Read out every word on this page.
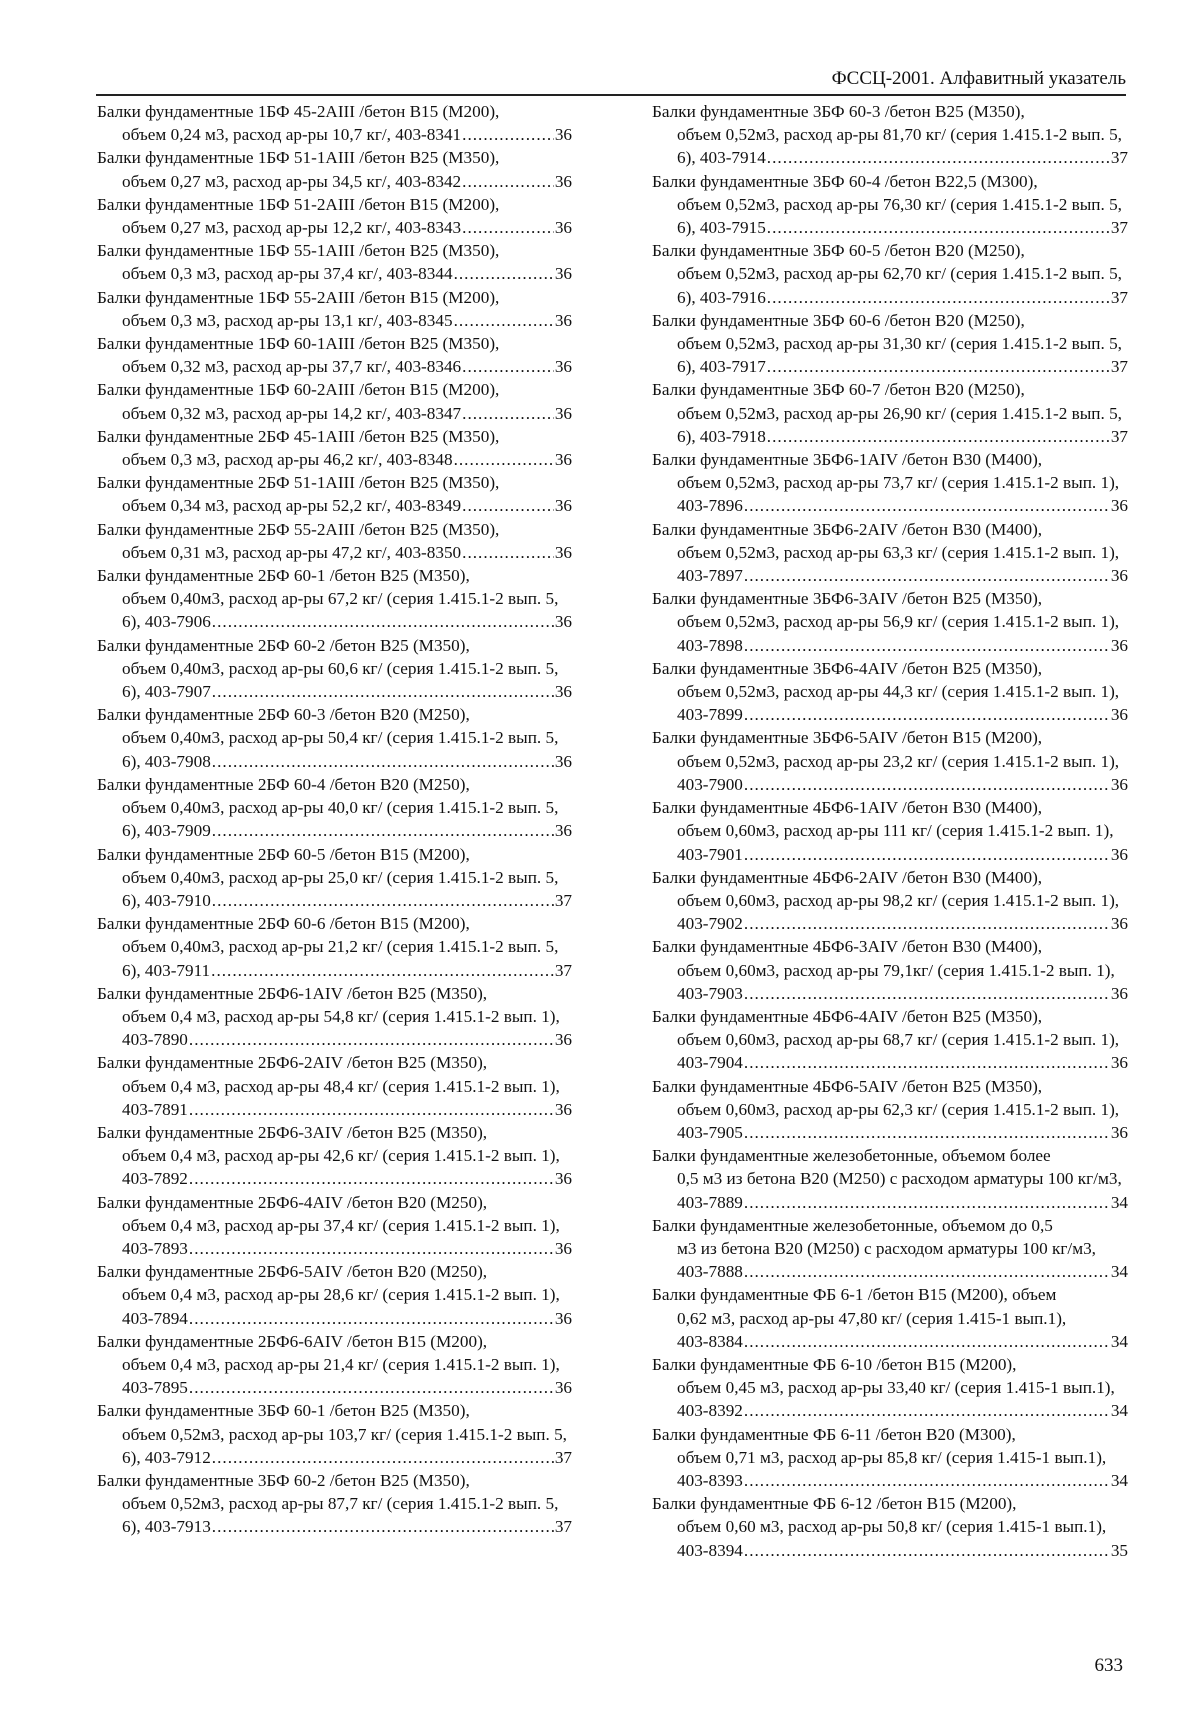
ФССЦ-2001. Алфавитный указатель
Балки фундаментные 1БФ 45-2АIII /бетон В15 (М200),
объем 0,24 м3, расход ар-ры 10,7 кг/, 403-8341 .....	36
Балки фундаментные 1БФ 51-1АIII /бетон В25 (М350),
объем 0,27 м3, расход ар-ры 34,5 кг/, 403-8342 .....	36
Балки фундаментные 1БФ 51-2АIII /бетон В15 (М200),
объем 0,27 м3, расход ар-ры 12,2 кг/, 403-8343 .....	36
Балки фундаментные 1БФ 55-1АIII /бетон В25 (М350),
объем 0,3 м3, расход ар-ры 37,4 кг/, 403-8344 .....	36
Балки фундаментные 1БФ 55-2АIII /бетон В15 (М200),
объем 0,3 м3, расход ар-ры 13,1 кг/, 403-8345 .....	36
Балки фундаментные 1БФ 60-1АIII /бетон В25 (М350),
объем 0,32 м3, расход ар-ры 37,7 кг/, 403-8346 .....	36
Балки фундаментные 1БФ 60-2АIII /бетон В15 (М200),
объем 0,32 м3, расход ар-ры 14,2 кг/, 403-8347 .....	36
Балки фундаментные 2БФ 45-1АIII /бетон В25 (М350),
объем 0,3 м3, расход ар-ры 46,2 кг/, 403-8348 .....	36
Балки фундаментные 2БФ 51-1АIII /бетон В25 (М350),
объем 0,34 м3, расход ар-ры 52,2 кг/, 403-8349 .....	36
Балки фундаментные 2БФ 55-2АIII /бетон В25 (М350),
объем 0,31 м3, расход ар-ры 47,2 кг/, 403-8350 .....	36
Балки фундаментные 2БФ 60-1 /бетон В25 (М350),
объем 0,40м3, расход ар-ры 67,2 кг/ (серия 1.415.1-2 вып. 5,
6), 403-7906 .....	36
Балки фундаментные 2БФ 60-2 /бетон В25 (М350),
объем 0,40м3, расход ар-ры 60,6 кг/ (серия 1.415.1-2 вып. 5,
6), 403-7907 .....	36
Балки фундаментные 2БФ 60-3 /бетон В20 (М250),
объем 0,40м3, расход ар-ры 50,4 кг/ (серия 1.415.1-2 вып. 5,
6), 403-7908 .....	36
Балки фундаментные 2БФ 60-4 /бетон В20 (М250),
объем 0,40м3, расход ар-ры 40,0 кг/ (серия 1.415.1-2 вып. 5,
6), 403-7909 .....	36
Балки фундаментные 2БФ 60-5 /бетон В15 (М200),
объем 0,40м3, расход ар-ры 25,0 кг/ (серия 1.415.1-2 вып. 5,
6), 403-7910 .....	37
Балки фундаментные 2БФ 60-6 /бетон В15 (М200),
объем 0,40м3, расход ар-ры 21,2 кг/ (серия 1.415.1-2 вып. 5,
6), 403-7911 .....	37
Балки фундаментные 2БФ6-1АIV /бетон В25 (М350),
объем 0,4 м3, расход ар-ры 54,8 кг/ (серия 1.415.1-2 вып. 1),
403-7890 .....	36
Балки фундаментные 2БФ6-2АIV /бетон В25 (М350),
объем 0,4 м3, расход ар-ры 48,4 кг/ (серия 1.415.1-2 вып. 1),
403-7891 .....	36
Балки фундаментные 2БФ6-3АIV /бетон В25 (М350),
объем 0,4 м3, расход ар-ры 42,6 кг/ (серия 1.415.1-2 вып. 1),
403-7892 .....	36
Балки фундаментные 2БФ6-4АIV /бетон В20 (М250),
объем 0,4 м3, расход ар-ры 37,4 кг/ (серия 1.415.1-2 вып. 1),
403-7893 .....	36
Балки фундаментные 2БФ6-5АIV /бетон В20 (М250),
объем 0,4 м3, расход ар-ры 28,6 кг/ (серия 1.415.1-2 вып. 1),
403-7894 .....	36
Балки фундаментные 2БФ6-6АIV /бетон В15 (М200),
объем 0,4 м3, расход ар-ры 21,4 кг/ (серия 1.415.1-2 вып. 1),
403-7895 .....	36
Балки фундаментные 3БФ 60-1 /бетон В25 (М350),
объем 0,52м3, расход ар-ры 103,7 кг/ (серия 1.415.1-2 вып. 5,
6), 403-7912 .....	37
Балки фундаментные 3БФ 60-2 /бетон В25 (М350),
объем 0,52м3, расход ар-ры 87,7 кг/ (серия 1.415.1-2 вып. 5,
6), 403-7913 .....	37
Балки фундаментные 3БФ 60-3 /бетон В25 (М350),
объем 0,52м3, расход ар-ры 81,70 кг/ (серия 1.415.1-2 вып. 5,
6), 403-7914 .....	37
Балки фундаментные 3БФ 60-4 /бетон В22,5 (М300),
объем 0,52м3, расход ар-ры 76,30 кг/ (серия 1.415.1-2 вып. 5,
6), 403-7915 .....	37
Балки фундаментные 3БФ 60-5 /бетон В20 (М250),
объем 0,52м3, расход ар-ры 62,70 кг/ (серия 1.415.1-2 вып. 5,
6), 403-7916 .....	37
Балки фундаментные 3БФ 60-6 /бетон В20 (М250),
объем 0,52м3, расход ар-ры 31,30 кг/ (серия 1.415.1-2 вып. 5,
6), 403-7917 .....	37
Балки фундаментные 3БФ 60-7 /бетон В20 (М250),
объем 0,52м3, расход ар-ры 26,90 кг/ (серия 1.415.1-2 вып. 5,
6), 403-7918 .....	37
Балки фундаментные 3БФ6-1АIV /бетон В30 (М400),
объем 0,52м3, расход ар-ры 73,7 кг/ (серия 1.415.1-2 вып. 1),
403-7896 .....	36
Балки фундаментные 3БФ6-2АIV /бетон В30 (М400),
объем 0,52м3, расход ар-ры 63,3 кг/ (серия 1.415.1-2 вып. 1),
403-7897 .....	36
Балки фундаментные 3БФ6-3АIV /бетон В25 (М350),
объем 0,52м3, расход ар-ры 56,9 кг/ (серия 1.415.1-2 вып. 1),
403-7898 .....	36
Балки фундаментные 3БФ6-4АIV /бетон В25 (М350),
объем 0,52м3, расход ар-ры 44,3 кг/ (серия 1.415.1-2 вып. 1),
403-7899 .....	36
Балки фундаментные 3БФ6-5АIV /бетон В15 (М200),
объем 0,52м3, расход ар-ры 23,2 кг/ (серия 1.415.1-2 вып. 1),
403-7900 .....	36
Балки фундаментные 4БФ6-1АIV /бетон В30 (М400),
объем 0,60м3, расход ар-ры 111 кг/ (серия 1.415.1-2 вып. 1),
403-7901 .....	36
Балки фундаментные 4БФ6-2АIV /бетон В30 (М400),
объем 0,60м3, расход ар-ры 98,2 кг/ (серия 1.415.1-2 вып. 1),
403-7902 .....	36
Балки фундаментные 4БФ6-3АIV /бетон В30 (М400),
объем 0,60м3, расход ар-ры 79,1кг/ (серия 1.415.1-2 вып. 1),
403-7903 .....	36
Балки фундаментные 4БФ6-4АIV /бетон В25 (М350),
объем 0,60м3, расход ар-ры 68,7 кг/ (серия 1.415.1-2 вып. 1),
403-7904 .....	36
Балки фундаментные 4БФ6-5АIV /бетон В25 (М350),
объем 0,60м3, расход ар-ры 62,3 кг/ (серия 1.415.1-2 вып. 1),
403-7905 .....	36
Балки фундаментные железобетонные, объемом более
0,5 м3 из бетона В20 (М250) с расходом арматуры 100 кг/м3,
403-7889 .....	34
Балки фундаментные железобетонные, объемом до 0,5
м3 из бетона В20 (М250) с расходом арматуры 100 кг/м3,
403-7888 .....	34
Балки фундаментные ФБ 6-1 /бетон В15 (М200), объем
0,62 м3, расход ар-ры 47,80 кг/ (серия 1.415-1 вып.1),
403-8384 .....	34
Балки фундаментные ФБ 6-10 /бетон В15 (М200),
объем 0,45 м3, расход ар-ры 33,40 кг/ (серия 1.415-1 вып.1),
403-8392 .....	34
Балки фундаментные ФБ 6-11 /бетон В20 (М300),
объем 0,71 м3, расход ар-ры 85,8 кг/ (серия 1.415-1 вып.1),
403-8393 .....	34
Балки фундаментные ФБ 6-12 /бетон В15 (М200),
объем 0,60 м3, расход ар-ры 50,8 кг/ (серия 1.415-1 вып.1),
403-8394 .....	35
633
